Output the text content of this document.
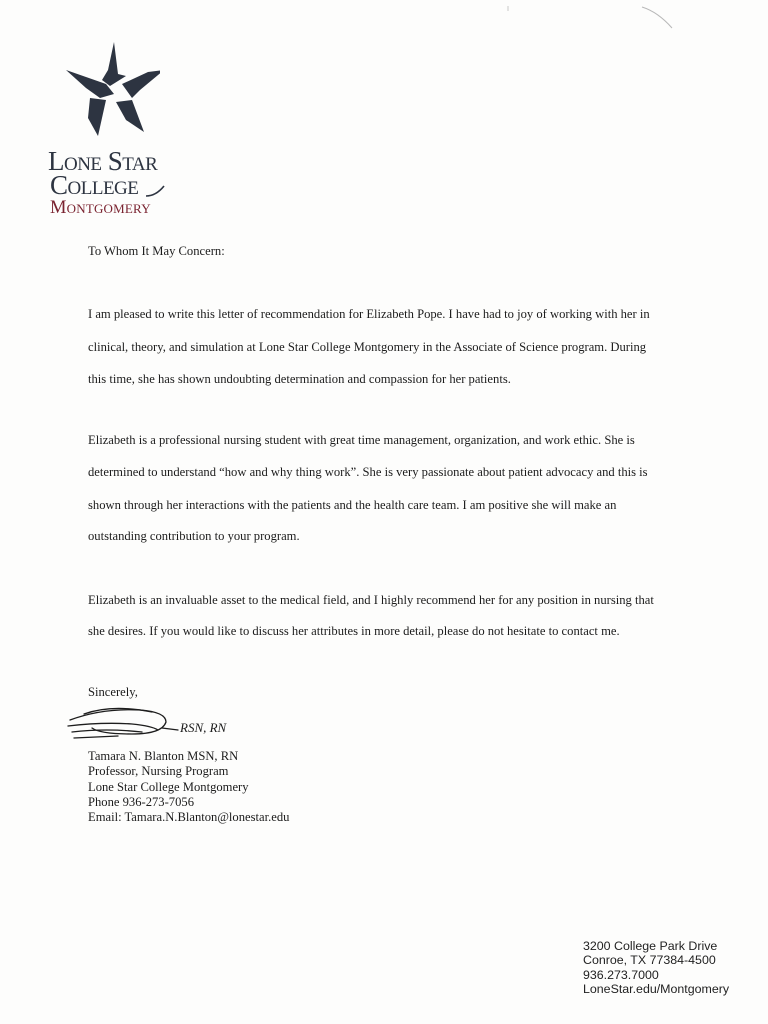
Lone Star
College
Montgomery
To Whom It May Concern:
I am pleased to write this letter of recommendation for Elizabeth Pope. I have had to joy of working with her in
clinical, theory, and simulation at Lone Star College Montgomery in the Associate of Science program. During
this time, she has shown undoubting determination and compassion for her patients.
Elizabeth is a professional nursing student with great time management, organization, and work ethic. She is
determined to understand “how and why thing work”. She is very passionate about patient advocacy and this is
shown through her interactions with the patients and the health care team. I am positive she will make an
outstanding contribution to your program.
Elizabeth is an invaluable asset to the medical field, and I highly recommend her for any position in nursing that
she desires. If you would like to discuss her attributes in more detail, please do not hesitate to contact me.
Sincerely,
RSN, RN
Tamara N. Blanton MSN, RN
Professor, Nursing Program
Lone Star College Montgomery
Phone 936-273-7056
Email: Tamara.N.Blanton@lonestar.edu
3200 College Park Drive
Conroe, TX 77384-4500
936.273.7000
LoneStar.edu/Montgomery
